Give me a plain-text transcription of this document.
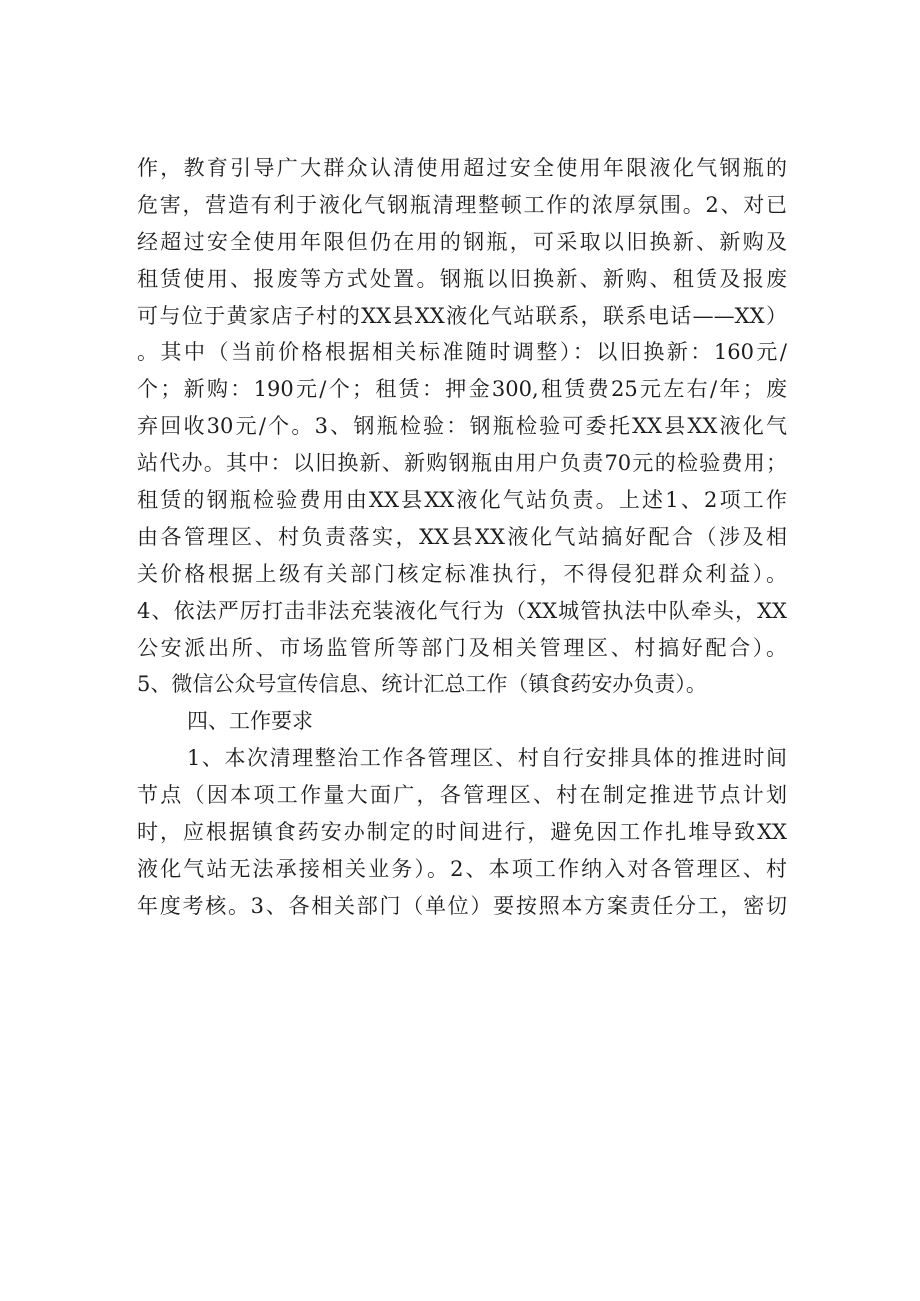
作，教育引导广大群众认清使用超过安全使用年限液化气钢瓶的
危害，营造有利于液化气钢瓶清理整顿工作的浓厚氛围。2、对已
经超过安全使用年限但仍在用的钢瓶，可采取以旧换新、新购及
租赁使用、报废等方式处置。钢瓶以旧换新、新购、租赁及报废
可与位于黄家店子村的XX县XX液化气站联系，联系电话——XX）
。其中（当前价格根据相关标准随时调整）：以旧换新：160元/
个；新购：190元/个；租赁：押金300,租赁费25元左右/年；废
弃回收30元/个。3、钢瓶检验：钢瓶检验可委托XX县XX液化气
站代办。其中：以旧换新、新购钢瓶由用户负责70元的检验费用；
租赁的钢瓶检验费用由XX县XX液化气站负责。上述1、2项工作
由各管理区、村负责落实，XX县XX液化气站搞好配合（涉及相
关价格根据上级有关部门核定标准执行，不得侵犯群众利益）。
4、依法严厉打击非法充装液化气行为（XX城管执法中队牵头，XX
公安派出所、市场监管所等部门及相关管理区、村搞好配合）。
5、微信公众号宣传信息、统计汇总工作（镇食药安办负责）。
四、工作要求
1、本次清理整治工作各管理区、村自行安排具体的推进时间
节点（因本项工作量大面广，各管理区、村在制定推进节点计划
时，应根据镇食药安办制定的时间进行，避免因工作扎堆导致XX
液化气站无法承接相关业务）。2、本项工作纳入对各管理区、村
年度考核。3、各相关部门（单位）要按照本方案责任分工，密切
